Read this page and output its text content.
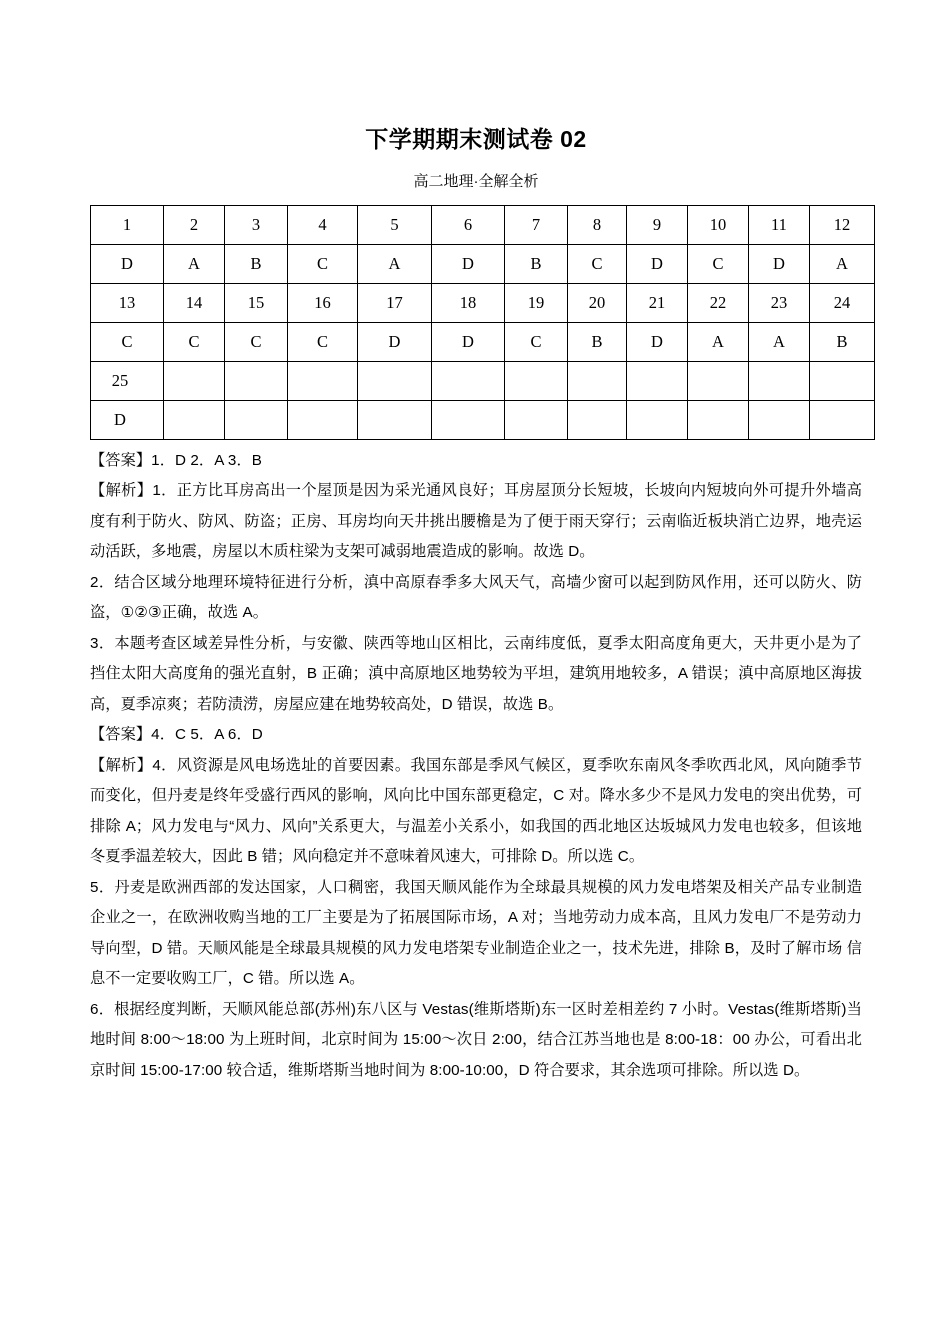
下学期期末测试卷 02
高二地理·全解全析
1	2	3	4	5	6	7	8	9	10	11	12
D	A	B	C	A	D	B	C	D	C	D	A
13	14	15	16	17	18	19	20	21	22	23	24
C	C	C	C	D	D	C	B	D	A	A	B
25											
D											

【答案】1．D 2．A 3．B

【解析】1．正方比耳房高出一个屋顶是因为采光通风良好；耳房屋顶分长短坡，长坡向内短坡向外可提升外墙高度有利于防火、防风、防盗；正房、耳房均向天井挑出腰檐是为了便于雨天穿行；云南临近板块消亡边界，地壳运动活跃，多地震，房屋以木质柱梁为支架可减弱地震造成的影响。故选 D。

2．结合区域分地理环境特征进行分析，滇中高原春季多大风天气，高墙少窗可以起到防风作用，还可以防火、防盗，①②③正确，故选 A。

3．本题考查区域差异性分析，与安徽、陕西等地山区相比，云南纬度低，夏季太阳高度角更大，天井更小是为了挡住太阳大高度角的强光直射，B 正确；滇中高原地区地势较为平坦，建筑用地较多，A 错误；滇中高原地区海拔高，夏季凉爽；若防渍涝，房屋应建在地势较高处，D 错误，故选 B。

【答案】4．C 5．A 6．D

【解析】4．风资源是风电场选址的首要因素。我国东部是季风气候区，夏季吹东南风冬季吹西北风，风向随季节而变化，但丹麦是终年受盛行西风的影响，风向比中国东部更稳定，C 对。降水多少不是风力发电的突出优势，可排除 A；风力发电与“风力、风向”关系更大，与温差小关系小，如我国的西北地区达坂城风力发电也较多，但该地冬夏季温差较大，因此 B 错；风向稳定并不意味着风速大，可排除 D。所以选 C。

5．丹麦是欧洲西部的发达国家，人口稠密，我国天顺风能作为全球最具规模的风力发电塔架及相关产品专业制造企业之一，在欧洲收购当地的工厂主要是为了拓展国际市场，A 对；当地劳动力成本高，且风力发电厂不是劳动力导向型，D 错。天顺风能是全球最具规模的风力发电塔架专业制造企业之一，技术先进，排除 B，及时了解市场 信息不一定要收购工厂，C 错。所以选 A。

6．根据经度判断，天顺风能总部(苏州)东八区与 Vestas(维斯塔斯)东一区时差相差约 7 小时。Vestas(维斯塔斯)当地时间 8:00～18:00 为上班时间，北京时间为 15:00～次日 2:00，结合江苏当地也是 8:00-18：00 办公，可看出北京时间 15:00-17:00 较合适，维斯塔斯当地时间为 8:00-10:00，D 符合要求，其余选项可排除。所以选 D。
